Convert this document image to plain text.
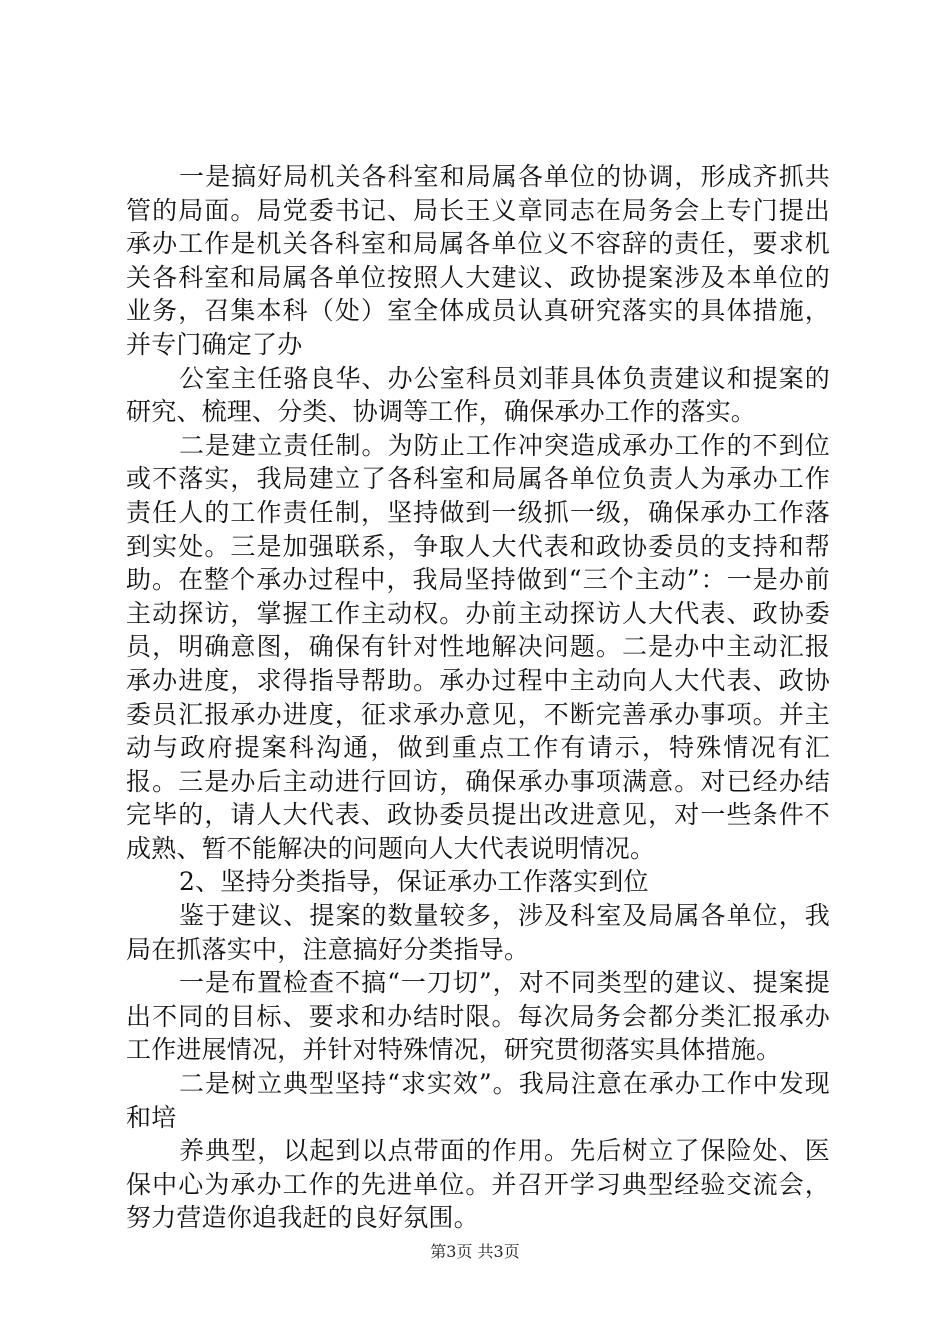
一是搞好局机关各科室和局属各单位的协调，形成齐抓共管的局面。局党委书记、局长王义章同志在局务会上专门提出承办工作是机关各科室和局属各单位义不容辞的责任，要求机关各科室和局属各单位按照人大建议、政协提案涉及本单位的业务，召集本科（处）室全体成员认真研究落实的具体措施，并专门确定了办

公室主任骆良华、办公室科员刘菲具体负责建议和提案的研究、梳理、分类、协调等工作，确保承办工作的落实。

二是建立责任制。为防止工作冲突造成承办工作的不到位或不落实，我局建立了各科室和局属各单位负责人为承办工作责任人的工作责任制，坚持做到一级抓一级，确保承办工作落到实处。三是加强联系，争取人大代表和政协委员的支持和帮助。在整个承办过程中，我局坚持做到“三个主动”：一是办前主动探访，掌握工作主动权。办前主动探访人大代表、政协委员，明确意图，确保有针对性地解决问题。二是办中主动汇报承办进度，求得指导帮助。承办过程中主动向人大代表、政协委员汇报承办进度，征求承办意见，不断完善承办事项。并主动与政府提案科沟通，做到重点工作有请示，特殊情况有汇报。三是办后主动进行回访，确保承办事项满意。对已经办结完毕的，请人大代表、政协委员提出改进意见，对一些条件不成熟、暂不能解决的问题向人大代表说明情况。

2、坚持分类指导，保证承办工作落实到位

鉴于建议、提案的数量较多，涉及科室及局属各单位，我局在抓落实中，注意搞好分类指导。

一是布置检查不搞“一刀切”，对不同类型的建议、提案提出不同的目标、要求和办结时限。每次局务会都分类汇报承办工作进展情况，并针对特殊情况，研究贯彻落实具体措施。

二是树立典型坚持“求实效”。我局注意在承办工作中发现和培

养典型，以起到以点带面的作用。先后树立了保险处、医保中心为承办工作的先进单位。并召开学习典型经验交流会，努力营造你追我赶的良好氛围。

第3页 共3页
